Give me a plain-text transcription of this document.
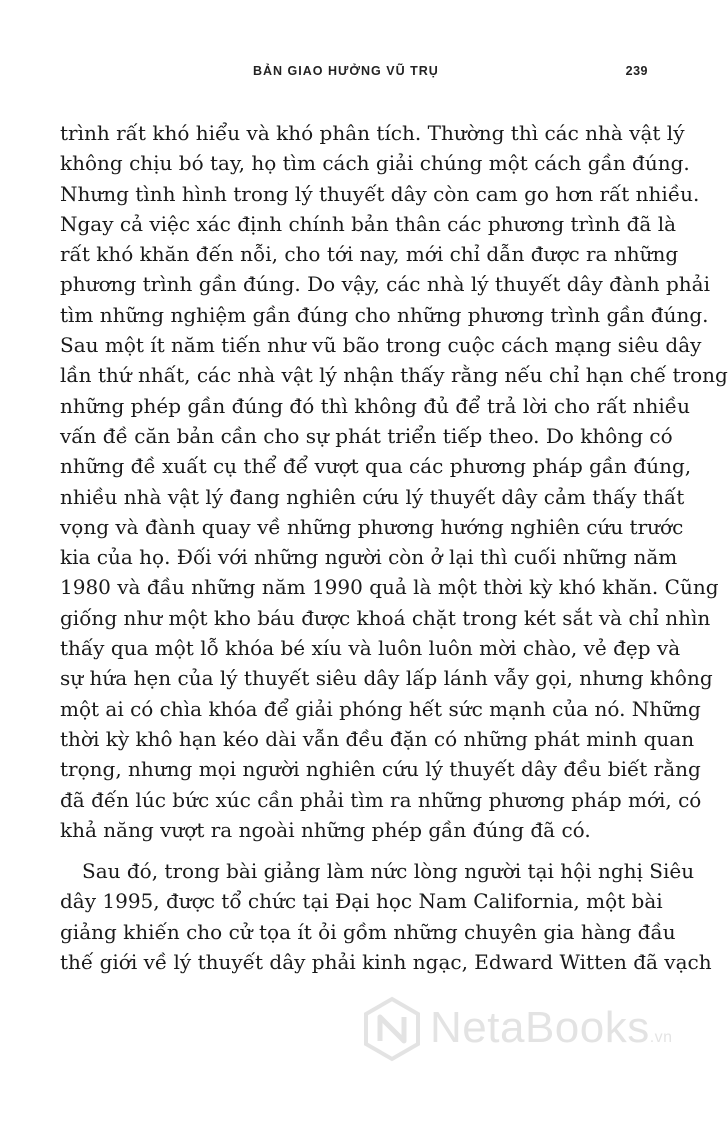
BẢN GIAO HƯỞNG VŨ TRỤ	239
trình rất khó hiểu và khó phân tích. Thường thì các nhà vật lý
không chịu bó tay, họ tìm cách giải chúng một cách gần đúng.
Nhưng tình hình trong lý thuyết dây còn cam go hơn rất nhiều.
Ngay cả việc xác định chính bản thân các phương trình đã là
rất khó khăn đến nỗi, cho tới nay, mới chỉ dẫn được ra những
phương trình gần đúng. Do vậy, các nhà lý thuyết dây đành phải
tìm những nghiệm gần đúng cho những phương trình gần đúng.
Sau một ít năm tiến như vũ bão trong cuộc cách mạng siêu dây
lần thứ nhất, các nhà vật lý nhận thấy rằng nếu chỉ hạn chế trong
những phép gần đúng đó thì không đủ để trả lời cho rất nhiều
vấn đề căn bản cần cho sự phát triển tiếp theo. Do không có
những đề xuất cụ thể để vượt qua các phương pháp gần đúng,
nhiều nhà vật lý đang nghiên cứu lý thuyết dây cảm thấy thất
vọng và đành quay về những phương hướng nghiên cứu trước
kia của họ. Đối với những người còn ở lại thì cuối những năm
1980 và đầu những năm 1990 quả là một thời kỳ khó khăn. Cũng
giống như một kho báu được khoá chặt trong két sắt và chỉ nhìn
thấy qua một lỗ khóa bé xíu và luôn luôn mời chào, vẻ đẹp và
sự hứa hẹn của lý thuyết siêu dây lấp lánh vẫy gọi, nhưng không
một ai có chìa khóa để giải phóng hết sức mạnh của nó. Những
thời kỳ khô hạn kéo dài vẫn đều đặn có những phát minh quan
trọng, nhưng mọi người nghiên cứu lý thuyết dây đều biết rằng
đã đến lúc bức xúc cần phải tìm ra những phương pháp mới, có
khả năng vượt ra ngoài những phép gần đúng đã có.
Sau đó, trong bài giảng làm nức lòng người tại hội nghị Siêu
dây 1995, được tổ chức tại Đại học Nam California, một bài
giảng khiến cho cử tọa ít ỏi gồm những chuyên gia hàng đầu
thế giới về lý thuyết dây phải kinh ngạc, Edward Witten đã vạch
NetaBooks.vn
